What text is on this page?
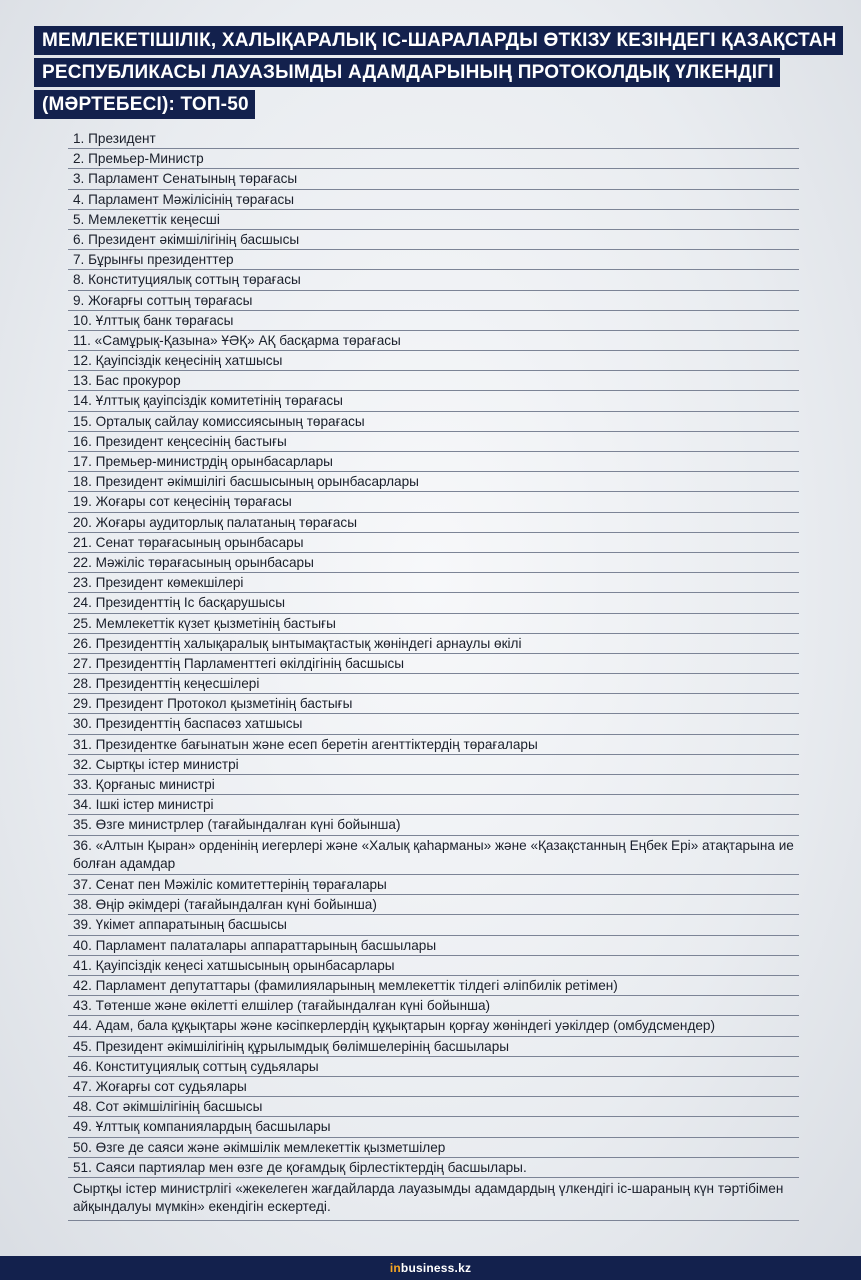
МЕМЛЕКЕТІШІЛІК, ХАЛЫҚАРАЛЫҚ ІС-ШАРАЛАРДЫ ӨТКІЗУ КЕЗІНДЕГІ ҚАЗАҚСТАН
РЕСПУБЛИКАСЫ ЛАУАЗЫМДЫ АДАМДАРЫНЫҢ ПРОТОКОЛДЫҚ ҮЛКЕНДІГІ
(МӘРТЕБЕСІ): ТОП-50
1. Президент
2. Премьер-Министр
3. Парламент Сенатының төрағасы
4. Парламент Мәжілісінің төрағасы
5. Мемлекеттік кеңесші
6. Президент әкімшілігінің басшысы
7. Бұрынғы президенттер
8. Конституциялық соттың төрағасы
9. Жоғарғы соттың төрағасы
10. Ұлттық банк төрағасы
11. «Самұрық-Қазына» ҰӘҚ» АҚ басқарма төрағасы
12. Қауіпсіздік кеңесінің хатшысы
13. Бас прокурор
14. Ұлттық қауіпсіздік комитетінің төрағасы
15. Орталық сайлау комиссиясының төрағасы
16. Президент кеңсесінің бастығы
17. Премьер-министрдің орынбасарлары
18. Президент әкімшілігі басшысының орынбасарлары
19. Жоғары сот кеңесінің төрағасы
20. Жоғары аудиторлық палатаның төрағасы
21. Сенат төрағасының орынбасары
22. Мәжіліс төрағасының орынбасары
23. Президент көмекшілері
24. Президенттің Іс басқарушысы
25. Мемлекеттік күзет қызметінің бастығы
26. Президенттің халықаралық ынтымақтастық жөніндегі арнаулы өкілі
27. Президенттің Парламенттегі өкілдігінің басшысы
28. Президенттің кеңесшілері
29. Президент Протокол қызметінің бастығы
30. Президенттің баспасөз хатшысы
31. Президентке бағынатын және есеп беретін агенттіктердің төрағалары
32. Сыртқы істер министрі
33. Қорғаныс министрі
34. Ішкі істер министрі
35. Өзге министрлер (тағайындалған күні бойынша)
36. «Алтын Қыран» орденінің иегерлері және «Халық қаһарманы» және «Қазақстанның Еңбек Ері» атақтарына ие болған адамдар
37. Сенат пен Мәжіліс комитеттерінің төрағалары
38. Өңір әкімдері (тағайындалған күні бойынша)
39. Үкімет аппаратының басшысы
40. Парламент палаталары аппараттарының басшылары
41. Қауіпсіздік кеңесі хатшысының орынбасарлары
42. Парламент депутаттары (фамилияларының мемлекеттік тілдегі әліпбилік ретімен)
43. Төтенше және өкілетті елшілер (тағайындалған күні бойынша)
44. Адам, бала құқықтары және кәсіпкерлердің құқықтарын қорғау жөніндегі уәкілдер (омбудсмендер)
45. Президент әкімшілігінің құрылымдық бөлімшелерінің басшылары
46. Конституциялық соттың судьялары
47. Жоғарғы сот судьялары
48. Сот әкімшілігінің басшысы
49. Ұлттық компаниялардың басшылары
50. Өзге де саяси және әкімшілік мемлекеттік қызметшілер
51. Саяси партиялар мен өзге де қоғамдық бірлестіктердің басшылары.
Сыртқы істер министрлігі «жекелеген жағдайларда лауазымды адамдардың үлкендігі іс-шараның күн тәртібімен айқындалуы мүмкін» екендігін ескертеді.
inbusiness.kz
